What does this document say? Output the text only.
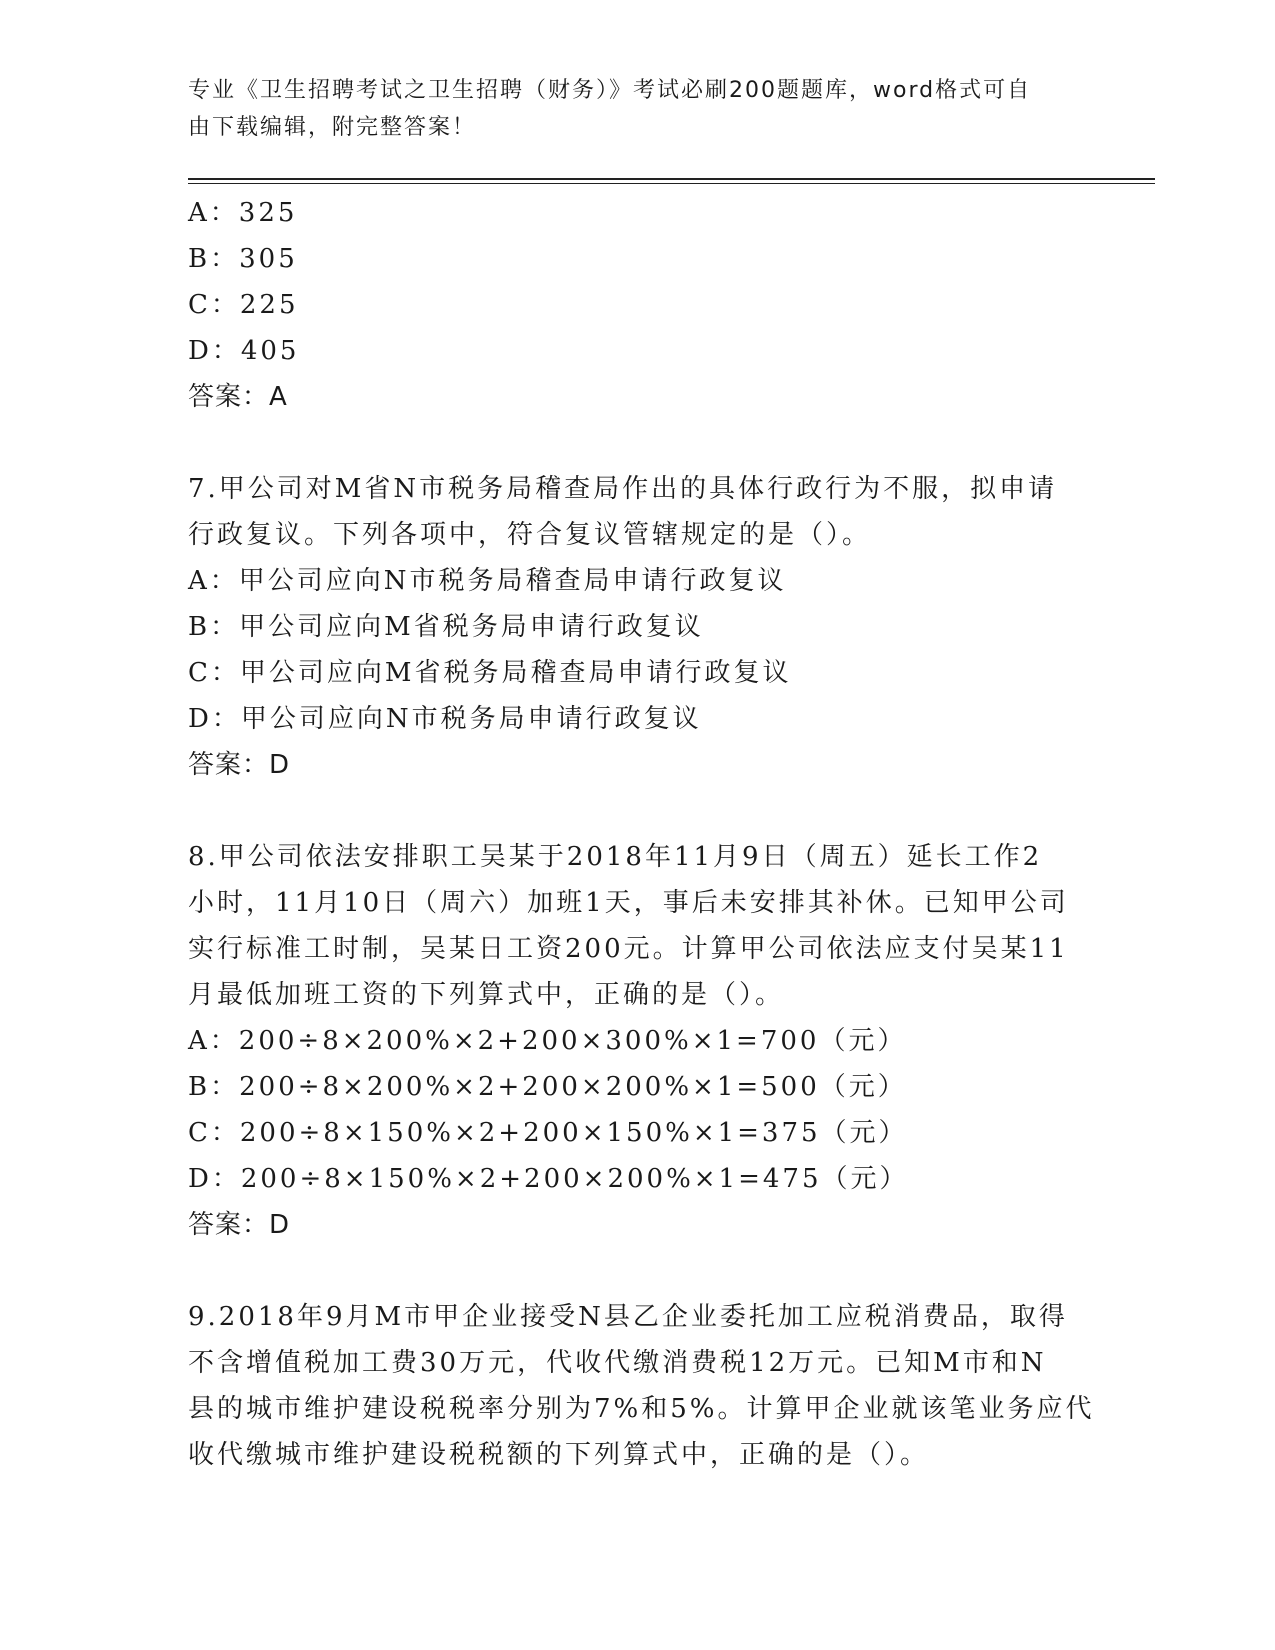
专业《卫生招聘考试之卫生招聘（财务）》考试必刷200题题库，word格式可自
由下载编辑，附完整答案！
A：325
B：305
C：225
D：405
答案：A
7.甲公司对M省N市税务局稽查局作出的具体行政行为不服，拟申请
行政复议。下列各项中，符合复议管辖规定的是（）。
A：甲公司应向N市税务局稽查局申请行政复议
B：甲公司应向M省税务局申请行政复议
C：甲公司应向M省税务局稽查局申请行政复议
D：甲公司应向N市税务局申请行政复议
答案：D
8.甲公司依法安排职工吴某于2018年11月9日（周五）延长工作2
小时，11月10日（周六）加班1天，事后未安排其补休。已知甲公司
实行标准工时制，吴某日工资200元。计算甲公司依法应支付吴某11
月最低加班工资的下列算式中，正确的是（）。
A：200÷8×200%×2+200×300%×1=700（元）
B：200÷8×200%×2+200×200%×1=500（元）
C：200÷8×150%×2+200×150%×1=375（元）
D：200÷8×150%×2+200×200%×1=475（元）
答案：D
9.2018年9月M市甲企业接受N县乙企业委托加工应税消费品，取得
不含增值税加工费30万元，代收代缴消费税12万元。已知M市和N
县的城市维护建设税税率分别为7%和5%。计算甲企业就该笔业务应代
收代缴城市维护建设税税额的下列算式中，正确的是（）。
